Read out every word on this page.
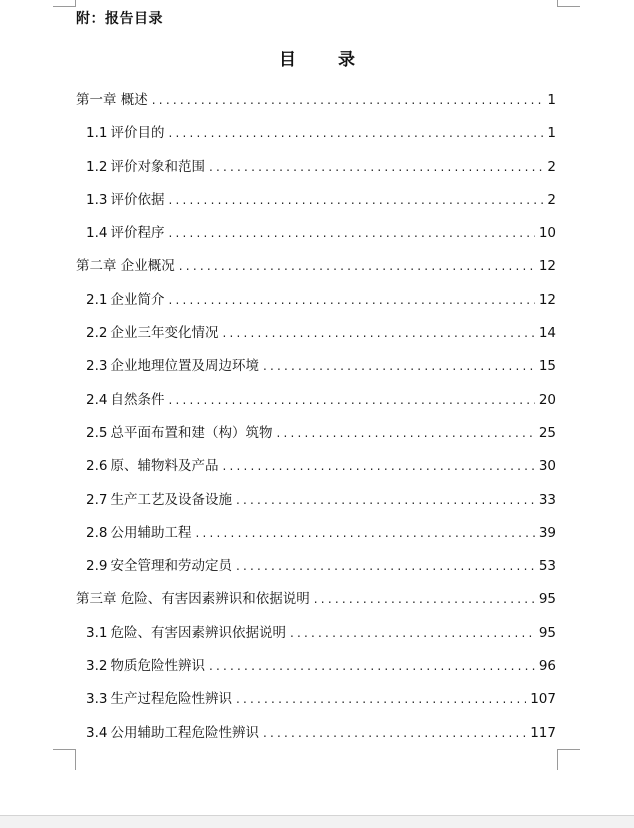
附：报告目录
目 录
第一章 概述 .....	1
1.1 评价目的 .....	1
1.2 评价对象和范围 .....	2
1.3 评价依据 .....	2
1.4 评价程序 .....	10
第二章 企业概况 .....	12
2.1 企业简介 .....	12
2.2 企业三年变化情况 .....	14
2.3 企业地理位置及周边环境 .....	15
2.4 自然条件 .....	20
2.5 总平面布置和建（构）筑物 .....	25
2.6 原、辅物料及产品 .....	30
2.7 生产工艺及设备设施 .....	33
2.8 公用辅助工程 .....	39
2.9 安全管理和劳动定员 .....	53
第三章 危险、有害因素辨识和依据说明 .....	95
3.1 危险、有害因素辨识依据说明 .....	95
3.2 物质危险性辨识 .....	96
3.3 生产过程危险性辨识 .....	107
3.4 公用辅助工程危险性辨识 .....	117
